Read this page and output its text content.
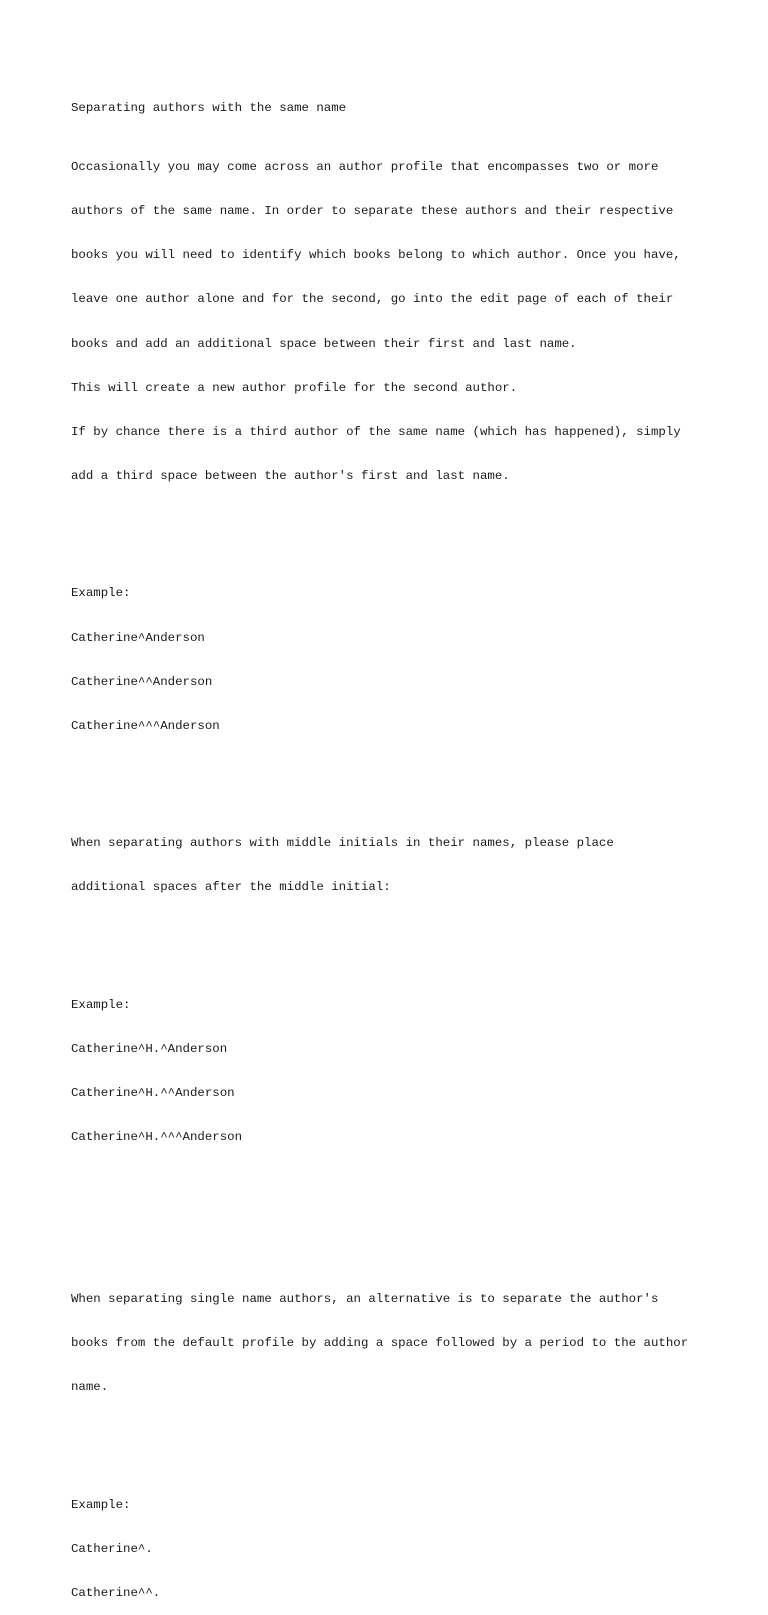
Separating authors with the same name

Occasionally you may come across an author profile that encompasses two or more

authors of the same name. In order to separate these authors and their respective

books you will need to identify which books belong to which author. Once you have,

leave one author alone and for the second, go into the edit page of each of their

books and add an additional space between their first and last name.

This will create a new author profile for the second author.

If by chance there is a third author of the same name (which has happened), simply

add a third space between the author's first and last name.

Example:

Catherine^Anderson

Catherine^^Anderson

Catherine^^^Anderson

When separating authors with middle initials in their names, please place

additional spaces after the middle initial:

Example:

Catherine^H.^Anderson

Catherine^H.^^Anderson

Catherine^H.^^^Anderson

When separating single name authors, an alternative is to separate the author's

books from the default profile by adding a space followed by a period to the author

name.

Example:

Catherine^.

Catherine^^.
